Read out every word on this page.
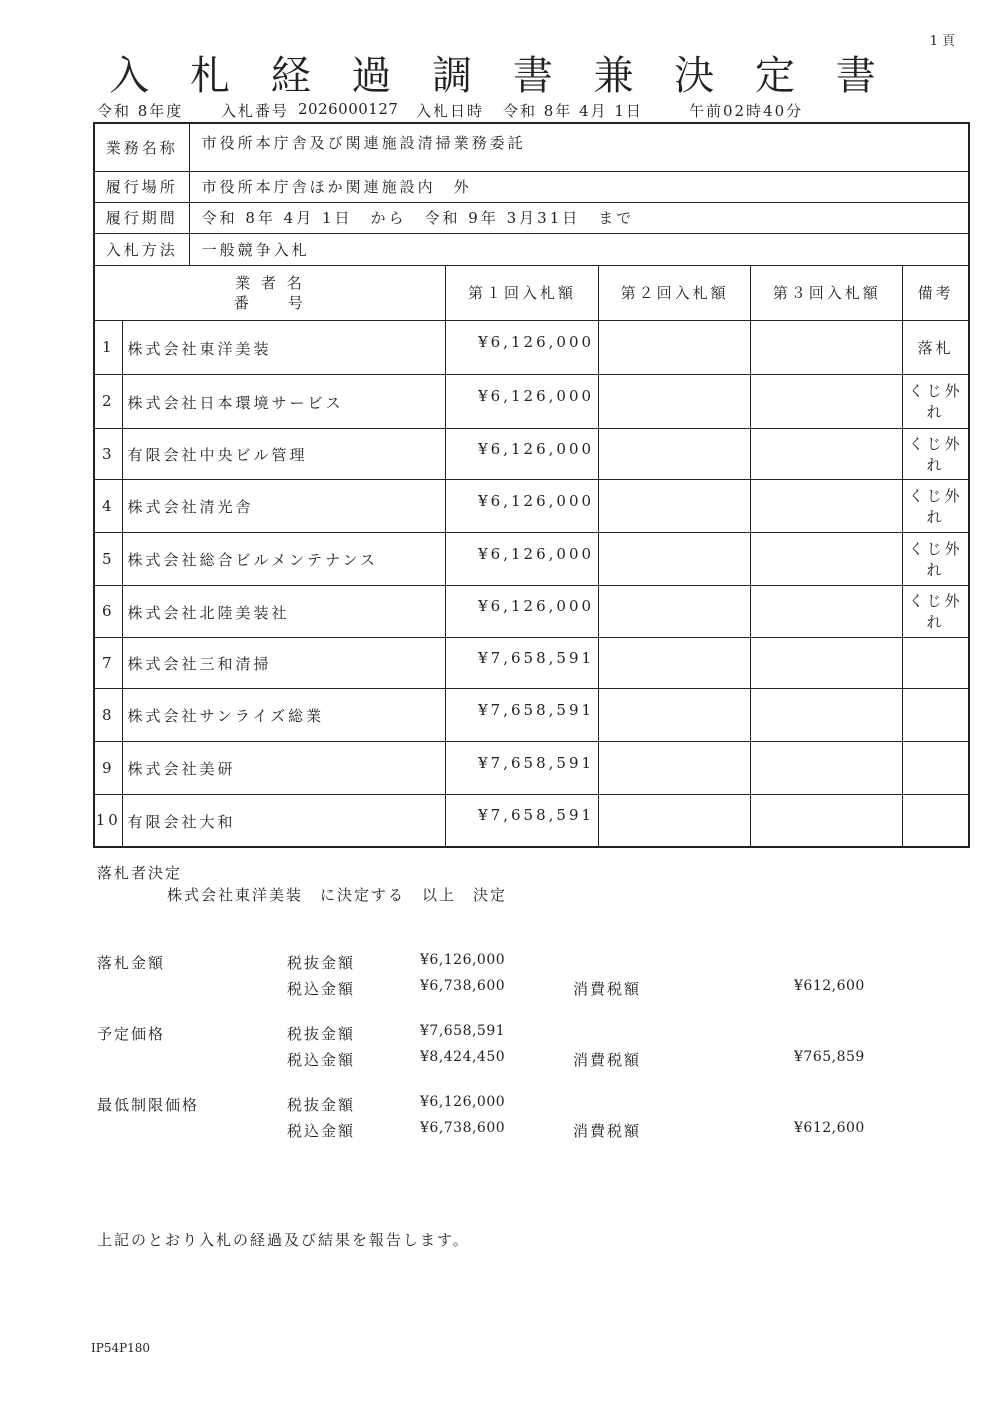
1 頁
入 札 経 過 調 書 兼 決 定 書
令和 8年度	入札番号 2026000127 入札日時 令和 8年 4月 1日	午前02時40分
業務名称		市役所本庁舎及び関連施設清掃業務委託				
履行場所		市役所本庁舎ほか関連施設内　外				
履行期間		令和 8年 4月 1日　から　令和 9年 3月31日　まで				
入札方法		一般競争入札				

業 者 名
番　　号			第１回入札額	第２回入札額	第３回入札額	備考
1	株式会社東洋美装		¥6,126,000			落札
2	株式会社日本環境サービス		¥6,126,000			くじ外れ
3	有限会社中央ビル管理		¥6,126,000			くじ外れ
4	株式会社清光舎		¥6,126,000			くじ外れ
5	株式会社総合ビルメンテナンス		¥6,126,000			くじ外れ
6	株式会社北陸美装社		¥6,126,000			くじ外れ
7	株式会社三和清掃		¥7,658,591			
8	株式会社サンライズ総業		¥7,658,591			
9	株式会社美研		¥7,658,591			
10	有限会社大和		¥7,658,591			
落札者決定
株式会社東洋美装　に決定する　以上　決定
落札金額	税抜金額	¥6,126,000
税込金額	¥6,738,600	消費税額	¥612,600
予定価格	税抜金額	¥7,658,591
税込金額	¥8,424,450	消費税額	¥765,859
最低制限価格	税抜金額	¥6,126,000
税込金額	¥6,738,600	消費税額	¥612,600
上記のとおり入札の経過及び結果を報告します。
IP54P180
